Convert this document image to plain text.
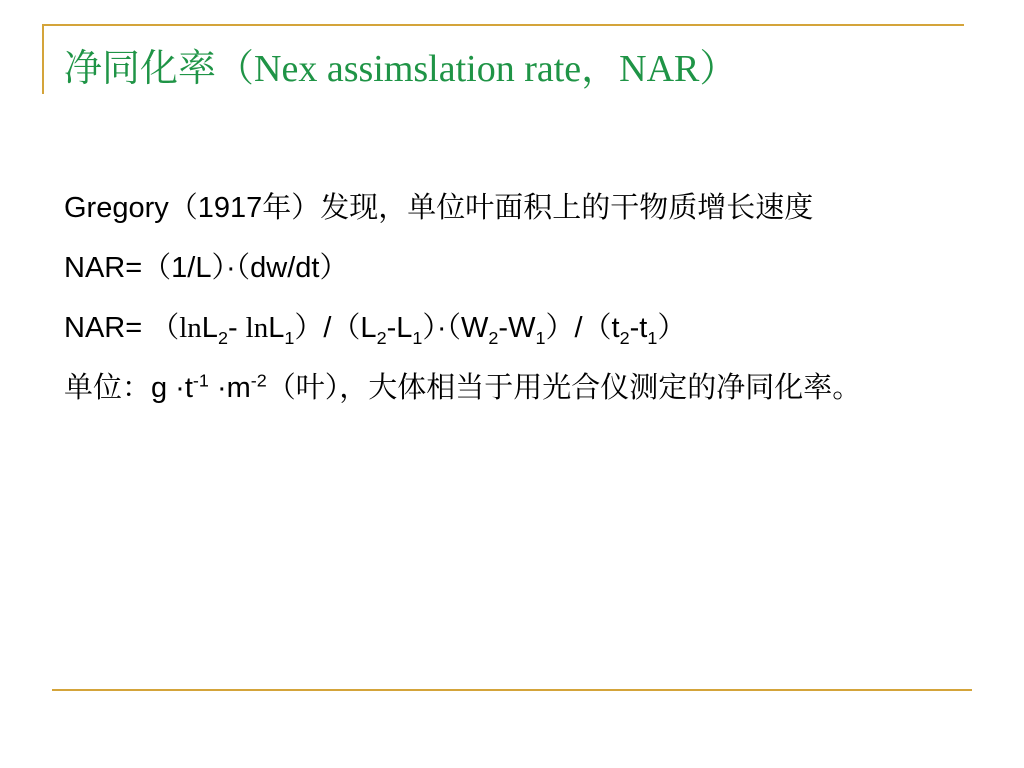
净同化率（Nex assimslation rate，NAR）

Gregory（1917年）发现，单位叶面积上的干物质增长速度

NAR=（1/L）·（dw/dt）

NAR= （lnL$_2$- $\ln L_1)/(L_2-L_1)\cdot(W_2-W_1)/(t_2-t_1)$

单位：$g \cdot t^{-1} \cdot m^{-2}$（叶），大体相当于用光合仪测定的净同化率。
